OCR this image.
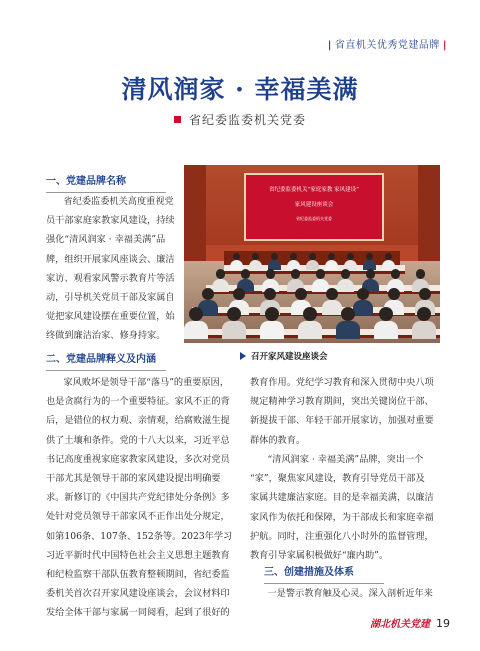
| 省直机关优秀党建品牌 |
清风润家 · 幸福美满
省纪委监委机关党委
一、党建品牌名称
省纪委监委机关高度重视党
员干部家庭家教家风建设，持续
强化“清风润家 · 幸福美满”品
牌，组织开展家风座谈会、廉洁
家访、观看家风警示教育片等活
动，引导机关党员干部及家属自
觉把家风建设摆在重要位置，始
终做到廉洁治家、修身持家。
二、党建品牌释义及内涵
家风败坏是领导干部“落马”的重要原因，
也是贪腐行为的一个重要特征。家风不正的背
后，是错位的权力观、亲情观，给腐败滋生提
供了土壤和条件。党的十八大以来，习近平总
书记高度重视家庭家教家风建设，多次对党员
干部尤其是领导干部的家风建设提出明确要
求。新修订的《中国共产党纪律处分条例》多
处针对党员领导干部家风不正作出处分规定，
如第106条、107条、152条等。2023年学习
习近平新时代中国特色社会主义思想主题教育
和纪检监察干部队伍教育整顿期间，省纪委监
委机关首次召开家风建设座谈会，会议材料印
发给全体干部与家属一同阅看，起到了很好的
省纪委监委机关“家庭家教 家风建设”
家风建设座谈会
省纪委监委机关党委
召开家风建设座谈会
教育作用。党纪学习教育和深入贯彻中央八项
规定精神学习教育期间，突出关键岗位干部、
新提拔干部、年轻干部开展家访，加强对重要
群体的教育。
“清风润家 · 幸福美满”品牌，突出一个
“家”，聚焦家风建设，教育引导党员干部及
家属共建廉洁家庭。目的是幸福美满，以廉洁
家风作为依托和保障，为干部成长和家庭幸福
护航。同时，注重强化八小时外的监督管理，
教育引导家属积极做好“廉内助”。
三、创建措施及体系
一是警示教育触及心灵。深入剖析近年来
湖北机关党建 19
